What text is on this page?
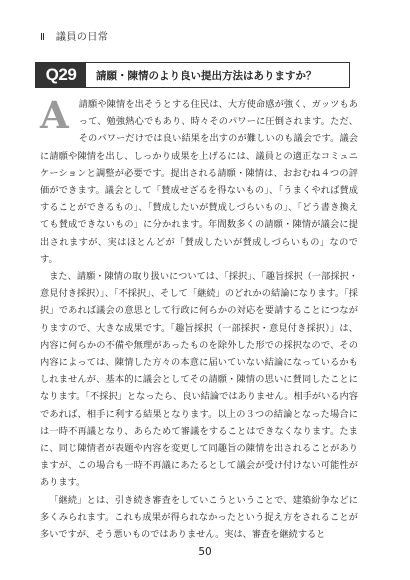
Ⅱ　議員の日常
Q29	請願・陳情のより良い提出方法はありますか？
A	請願や陳情を出そうとする住民は、大方使命感が強く、ガッツもあって、勉強熱心でもあり、時々そのパワーに圧倒されます。ただ、そのパワーだけでは良い結果を出すのが難しいのも議会です。議会に請願や陳情を出し、しっかり成果を上げるには、議員との適正なコミュニケーションと調整が必要です。提出される請願・陳情は、おおむね４つの評価ができます。議会として「賛成せざるを得ないもの」、「うまくやれば賛成することができるもの」、「賛成したいが賛成しづらいもの」、「どう書き換えても賛成できないもの」に分かれます。年間数多くの請願・陳情が議会に提出されますが、実はほとんどが「賛成したいが賛成しづらいもの」なのです。

また、請願・陳情の取り扱いについては、「採択」、「趣旨採択（一部採択・意見付き採択）」、「不採択」、そして「継続」のどれかの結論になります。「採択」であれば議会の意思として行政に何らかの対応を要請することにつながりますので、大きな成果です。「趣旨採択（一部採択・意見付き採択）」は、内容に何らかの不備や無理があったものを除外した形での採択なので、その内容によっては、陳情した方々の本意に届いていない結論になっているかもしれませんが、基本的に議会としてその請願・陳情の思いに賛同したことになります。「不採択」となったら、良い結論ではありません。相手がいる内容であれば、相手に利する結果となります。以上の３つの結論となった場合には一時不再議となり、あらためて審議をすることはできなくなります。たまに、同じ陳情者が表題や内容を変更して同趣旨の陳情を出されることがありますが、この場合も一時不再議にあたるとして議会が受け付けない可能性があります。

「継続」とは、引き続き審査をしていこうということで、建築紛争などに多くみられます。これも成果が得られなかったという捉え方をされることが多いですが、そう悪いものではありません。実は、審査を継続すると

50
